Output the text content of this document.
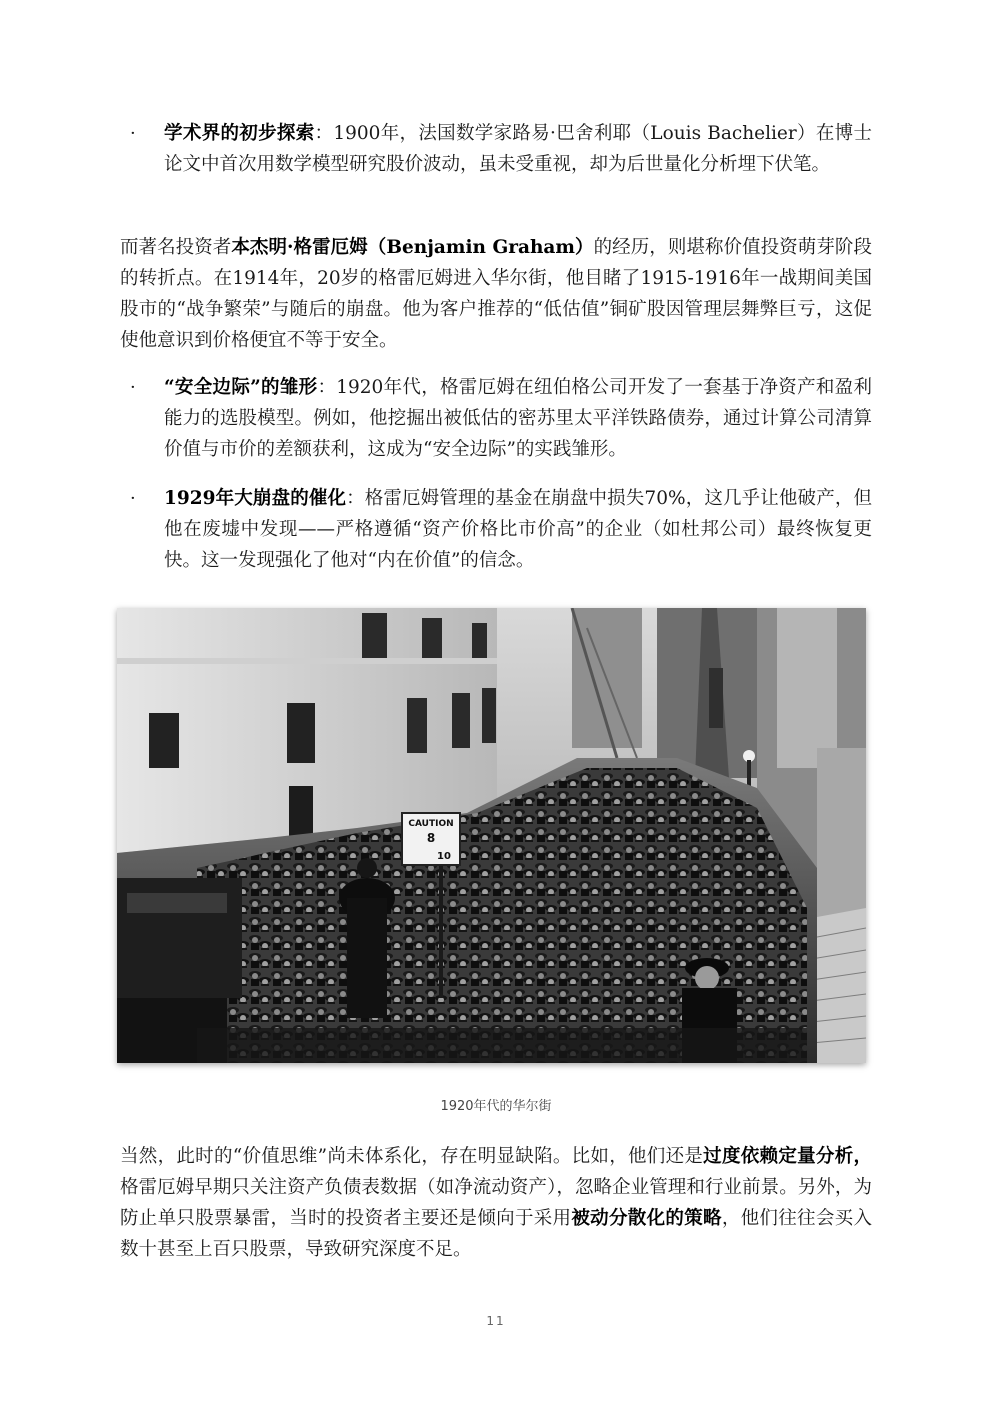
· 学术界的初步探索：1900年，法国数学家路易·巴舍利耶（Louis Bachelier）在博士论文中首次用数学模型研究股价波动，虽未受重视，却为后世量化分析埋下伏笔。
而著名投资者本杰明·格雷厄姆（Benjamin Graham）的经历，则堪称价值投资萌芽阶段的转折点。在1914年，20岁的格雷厄姆进入华尔街，他目睹了1915-1916年一战期间美国股市的“战争繁荣”与随后的崩盘。他为客户推荐的“低估值”铜矿股因管理层舞弊巨亏，这促使他意识到价格便宜不等于安全。
· “安全边际”的雏形：1920年代，格雷厄姆在纽伯格公司开发了一套基于净资产和盈利能力的选股模型。例如，他挖掘出被低估的密苏里太平洋铁路债券，通过计算公司清算价值与市价的差额获利，这成为“安全边际”的实践雏形。
· 1929年大崩盘的催化：格雷厄姆管理的基金在崩盘中损失70%，这几乎让他破产，但他在废墟中发现——严格遵循“资产价格比市价高”的企业（如杜邦公司）最终恢复更快。这一发现强化了他对“内在价值”的信念。
CAUTION
8
10
1920年代的华尔街
当然，此时的“价值思维”尚未体系化，存在明显缺陷。比如，他们还是过度依赖定量分析，格雷厄姆早期只关注资产负债表数据（如净流动资产），忽略企业管理和行业前景。另外，为防止单只股票暴雷，当时的投资者主要还是倾向于采用被动分散化的策略，他们往往会买入数十甚至上百只股票，导致研究深度不足。
11
